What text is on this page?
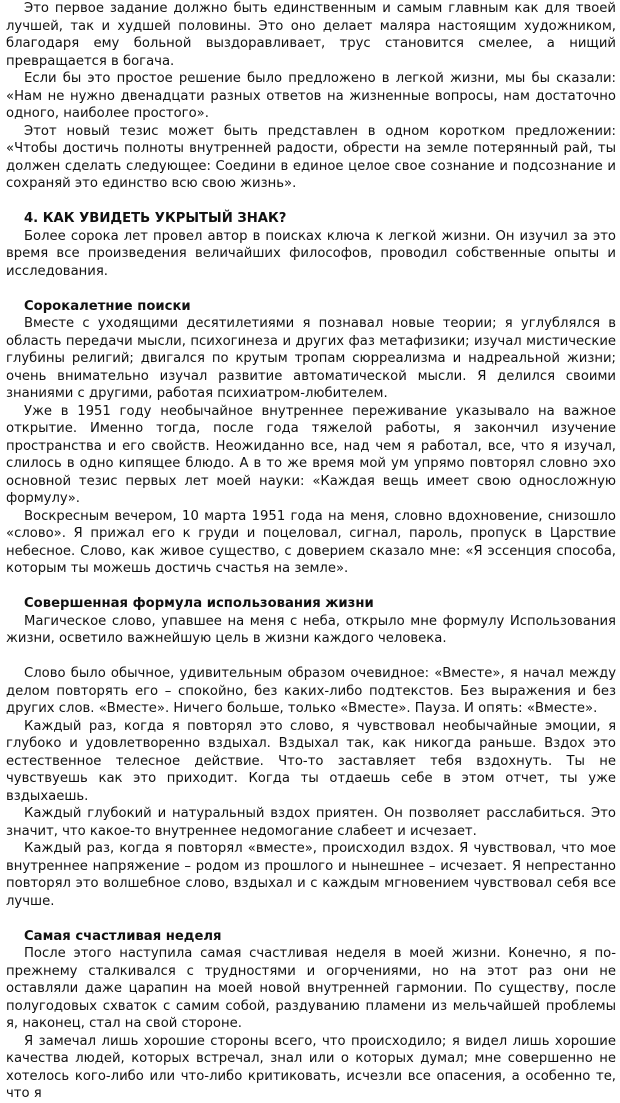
Это первое задание должно быть единственным и самым главным как для твоей лучшей, так и худшей половины. Это оно делает маляра настоящим художником, благодаря ему больной выздоравливает, трус становится смелее, а нищий превращается в богача.

Если бы это простое решение было предложено в легкой жизни, мы бы сказали: «Нам не нужно двенадцати разных ответов на жизненные вопросы, нам достаточно одного, наиболее простого».

Этот новый тезис может быть представлен в одном коротком предложении: «Чтобы достичь полноты внутренней радости, обрести на земле потерянный рай, ты должен сделать следующее: Соедини в единое целое свое сознание и подсознание и сохраняй это единство всю свою жизнь».

4. КАК УВИДЕТЬ УКРЫТЫЙ ЗНАК?

Более сорока лет провел автор в поисках ключа к легкой жизни. Он изучил за это время все произведения величайших философов, проводил собственные опыты и исследования.

Сорокалетние поиски

Вместе с уходящими десятилетиями я познавал новые теории; я углублялся в область передачи мысли, психогинеза и других фаз метафизики; изучал мистические глубины религий; двигался по крутым тропам сюрреализма и надреальной жизни; очень внимательно изучал развитие автоматической мысли. Я делился своими знаниями с другими, работая психиатром-любителем.

Уже в 1951 году необычайное внутреннее переживание указывало на важное открытие. Именно тогда, после года тяжелой работы, я закончил изучение пространства и его свойств. Неожиданно все, над чем я работал, все, что я изучал, слилось в одно кипящее блюдо. А в то же время мой ум упрямо повторял словно эхо основной тезис первых лет моей науки: «Каждая вещь имеет свою односложную формулу».

Воскресным вечером, 10 марта 1951 года на меня, словно вдохновение, снизошло «слово». Я прижал его к груди и поцеловал, сигнал, пароль, пропуск в Царствие небесное. Слово, как живое существо, с доверием сказало мне: «Я эссенция способа, которым ты можешь достичь счастья на земле».

Совершенная формула использования жизни

Магическое слово, упавшее на меня с неба, открыло мне формулу Использования жизни, осветило важнейшую цель в жизни каждого человека.

Слово было обычное, удивительным образом очевидное: «Вместе», я начал между делом повторять его – спокойно, без каких-либо подтекстов. Без выражения и без других слов. «Вместе». Ничего больше, только «Вместе». Пауза. И опять: «Вместе».

Каждый раз, когда я повторял это слово, я чувствовал необычайные эмоции, я глубоко и удовлетворенно вздыхал. Вздыхал так, как никогда раньше. Вздох это естественное телесное действие. Что-то заставляет тебя вздохнуть. Ты не чувствуешь как это приходит. Когда ты отдаешь себе в этом отчет, ты уже вздыхаешь.

Каждый глубокий и натуральный вздох приятен. Он позволяет расслабиться. Это значит, что какое-то внутреннее недомогание слабеет и исчезает.

Каждый раз, когда я повторял «вместе», происходил вздох. Я чувствовал, что мое внутреннее напряжение – родом из прошлого и нынешнее – исчезает. Я непрестанно повторял это волшебное слово, вздыхал и с каждым мгновением чувствовал себя все лучше.

Самая счастливая неделя

После этого наступила самая счастливая неделя в моей жизни. Конечно, я по-прежнему сталкивался с трудностями и огорчениями, но на этот раз они не оставляли даже царапин на моей новой внутренней гармонии. По существу, после полугодовых схваток с самим собой, раздуванию пламени из мельчайшей проблемы я, наконец, стал на свой стороне.

Я замечал лишь хорошие стороны всего, что происходило; я видел лишь хорошие качества людей, которых встречал, знал или о которых думал; мне совершенно не хотелось кого-либо или что-либо критиковать, исчезли все опасения, а особенно те, что я
